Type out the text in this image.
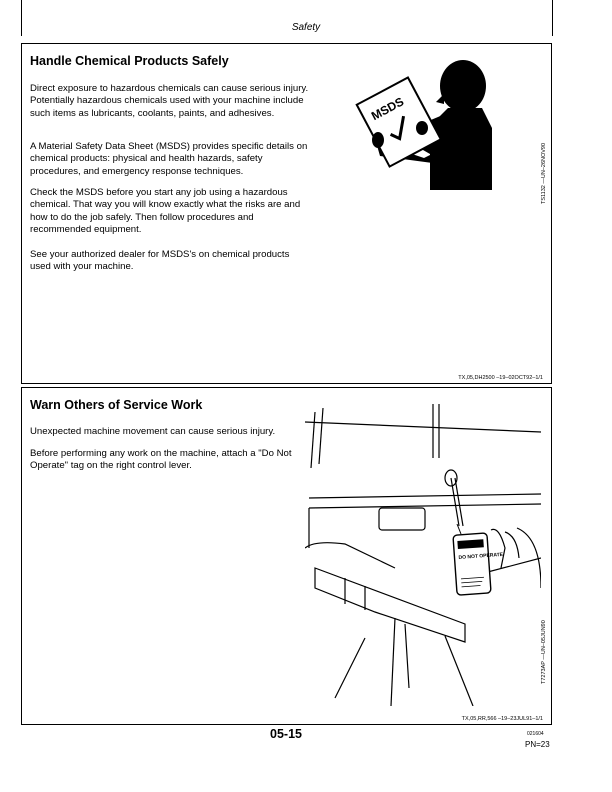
Safety
Handle Chemical Products Safely

Direct exposure to hazardous chemicals can cause serious injury. Potentially hazardous chemicals used with your machine include such items as lubricants, coolants, paints, and adhesives.

A Material Safety Data Sheet (MSDS) provides specific details on chemical products: physical and health hazards, safety procedures, and emergency response techniques.

Check the MSDS before you start any job using a hazardous chemical. That way you will know exactly what the risks are and how to do the job safely. Then follow procedures and recommended equipment.

See your authorized dealer for MSDS's on chemical products used with your machine.

MSDS
TS1132 —UN–26NOV90
TX,05,DH2500 –19–02OCT92–1/1
Warn Others of Service Work

Unexpected machine movement can cause serious injury.

Before performing any work on the machine, attach a "Do Not Operate" tag on the right control lever.

DO NOT OPERATE
T7273AP —UN–05JUN90
TX,05,RR,566 –19–23JUL91–1/1
05-15	021604
PN=23
